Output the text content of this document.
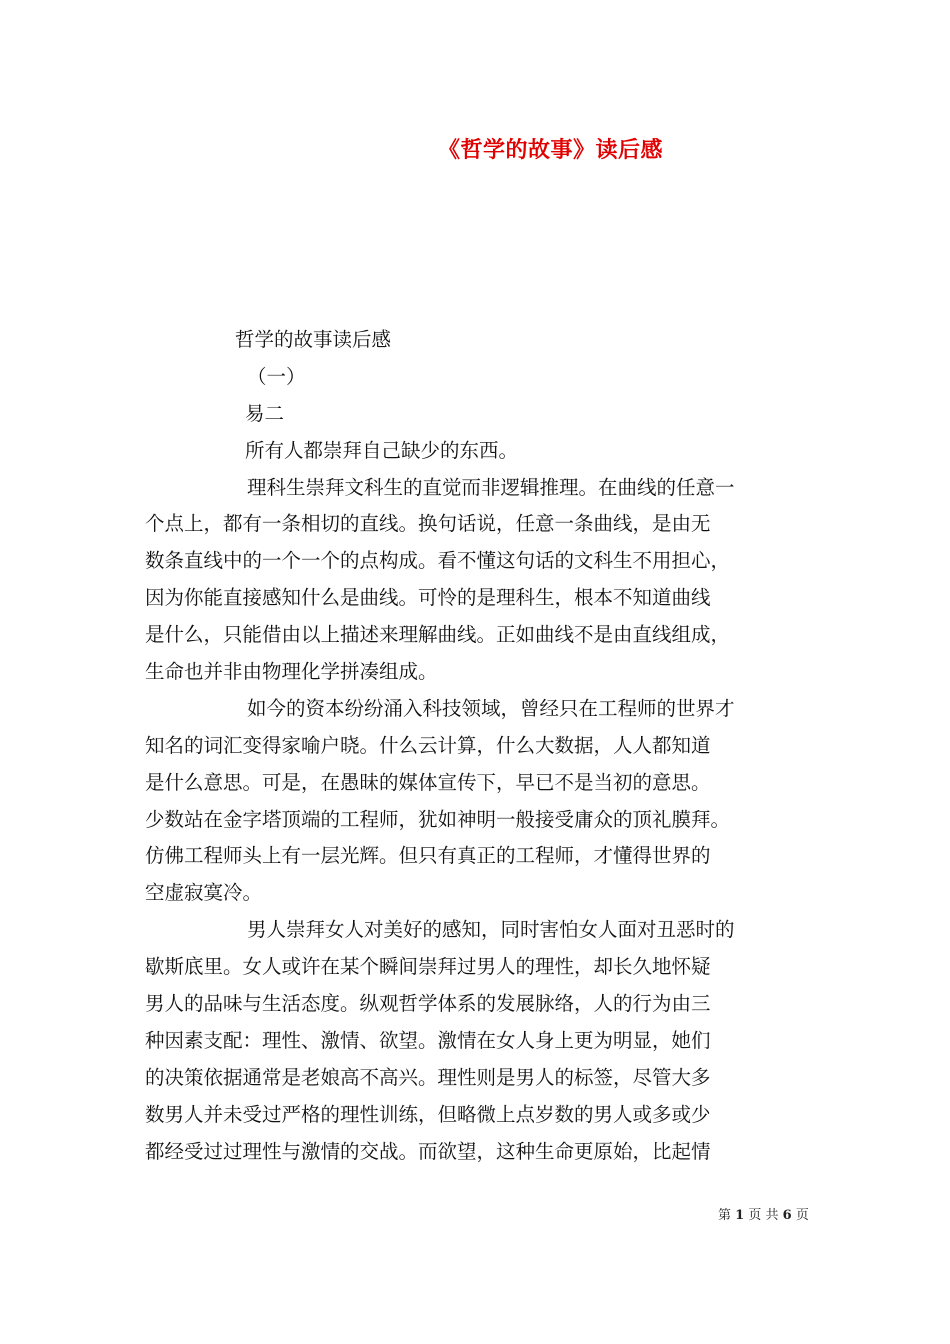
《哲学的故事》读后感
哲学的故事读后感
（一）
易二
所有人都崇拜自己缺少的东西。
理科生崇拜文科生的直觉而非逻辑推理。在曲线的任意一
个点上，都有一条相切的直线。换句话说，任意一条曲线，是由无
数条直线中的一个一个的点构成。看不懂这句话的文科生不用担心，
因为你能直接感知什么是曲线。可怜的是理科生，根本不知道曲线
是什么，只能借由以上描述来理解曲线。正如曲线不是由直线组成，
生命也并非由物理化学拼凑组成。
如今的资本纷纷涌入科技领域，曾经只在工程师的世界才
知名的词汇变得家喻户晓。什么云计算，什么大数据，人人都知道
是什么意思。可是，在愚昧的媒体宣传下，早已不是当初的意思。
少数站在金字塔顶端的工程师，犹如神明一般接受庸众的顶礼膜拜。
仿佛工程师头上有一层光辉。但只有真正的工程师，才懂得世界的
空虚寂寞冷。
男人崇拜女人对美好的感知，同时害怕女人面对丑恶时的
歇斯底里。女人或许在某个瞬间崇拜过男人的理性，却长久地怀疑
男人的品味与生活态度。纵观哲学体系的发展脉络，人的行为由三
种因素支配：理性、激情、欲望。激情在女人身上更为明显，她们
的决策依据通常是老娘高不高兴。理性则是男人的标签，尽管大多
数男人并未受过严格的理性训练，但略微上点岁数的男人或多或少
都经受过过理性与激情的交战。而欲望，这种生命更原始，比起情
第 1 页 共 6 页
